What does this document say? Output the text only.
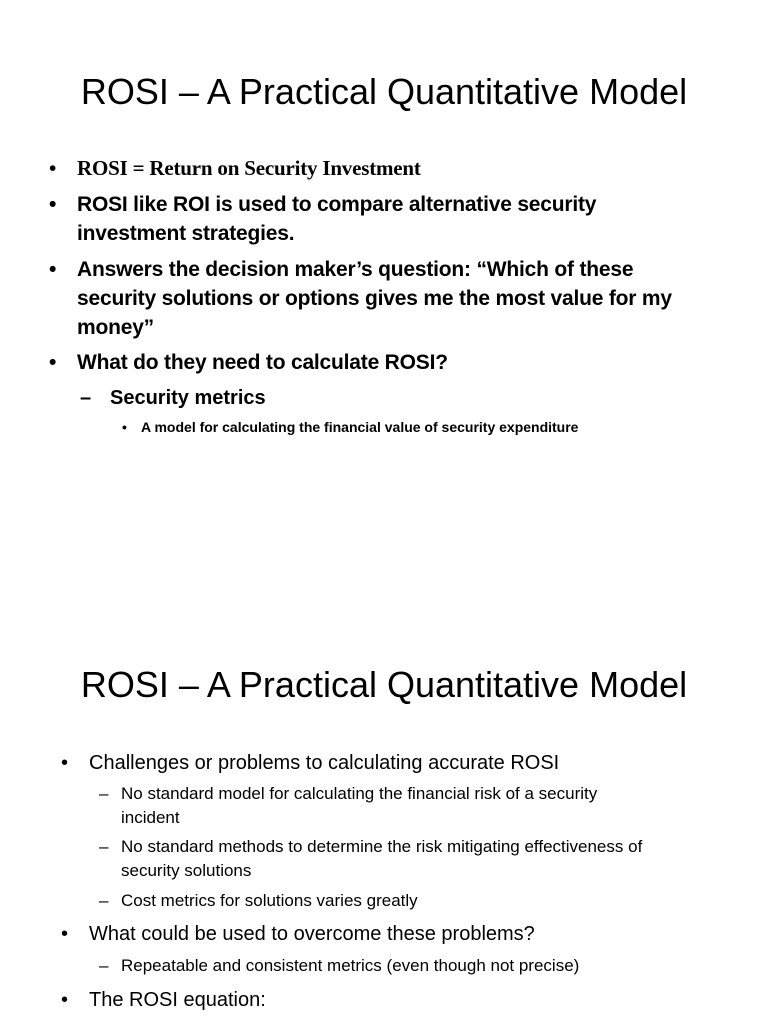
ROSI – A Practical Quantitative Model
• ROSI = Return on Security Investment
• ROSI like ROI is used to compare alternative security
investment strategies.
• Answers the decision maker’s question: “Which of these
security solutions or options gives me the most value for my
money”
• What do they need to calculate ROSI?
– Security metrics
• A model for calculating the financial value of security expenditure
ROSI – A Practical Quantitative Model
• Challenges or problems to calculating accurate ROSI
– No standard model for calculating the financial risk of a security
incident
– No standard methods to determine the risk mitigating effectiveness of
security solutions
– Cost metrics for solutions varies greatly
• What could be used to overcome these problems?
– Repeatable and consistent metrics (even though not precise)
• The ROSI equation:
